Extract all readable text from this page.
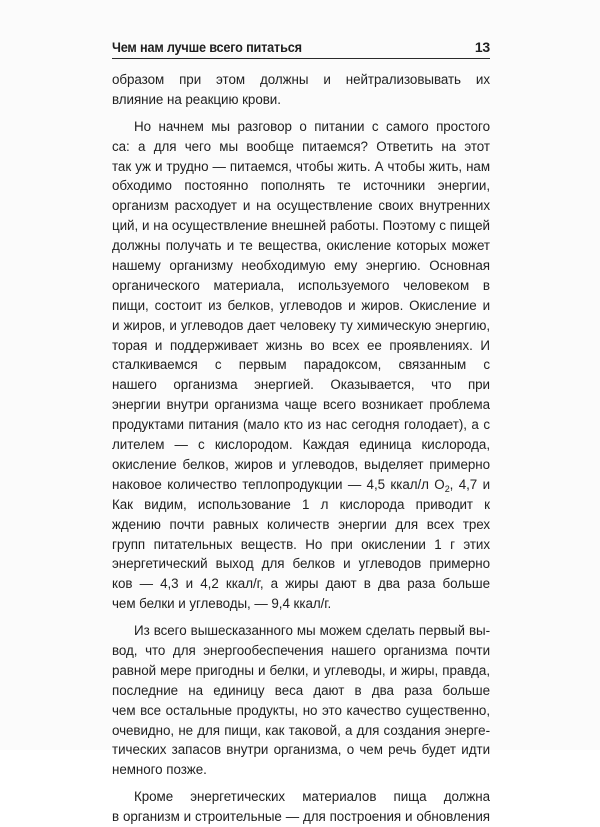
Чем нам лучше всего питаться	13

образом при этом должны и нейтрализовывать их
влияние на реакцию крови.

Но начнем мы разговор о питании с самого простого
са: а для чего мы вообще питаемся? Ответить на этот
так уж и трудно — питаемся, чтобы жить. А чтобы жить, нам
обходимо постоянно пополнять те источники энергии,
организм расходует и на осуществление своих внутренних
ций, и на осуществление внешней работы. Поэтому с пищей
должны получать и те вещества, окисление которых может
нашему организму необходимую ему энергию. Основная
органического материала, используемого человеком в
пищи, состоит из белков, углеводов и жиров. Окисление и
и жиров, и углеводов дает человеку ту химическую энергию,
торая и поддерживает жизнь во всех ее проявлениях. И
сталкиваемся с первым парадоксом, связанным с
нашего организма энергией. Оказывается, что при
энергии внутри организма чаще всего возникает проблема
продуктами питания (мало кто из нас сегодня голодает), а с
лителем — с кислородом. Каждая единица кислорода,
окисление белков, жиров и углеводов, выделяет примерно
наковое количество теплопродукции — 4,5 ккал/л $O_2$, 4,7 и
Как видим, использование 1 л кислорода приводит к
ждению почти равных количеств энергии для всех трех
групп питательных веществ. Но при окислении 1 г этих
энергетический выход для белков и углеводов примерно
ков — 4,3 и 4,2 ккал/г, а жиры дают в два раза больше
чем белки и углеводы, — 9,4 ккал/г.

Из всего вышесказанного мы можем сделать первый вы-
вод, что для энергообеспечения нашего организма почти
равной мере пригодны и белки, и углеводы, и жиры, правда,
последние на единицу веса дают в два раза больше
чем все остальные продукты, но это качество существенно,
очевидно, не для пищи, как таковой, а для создания энерге-
тических запасов внутри организма, о чем речь будет идти
немного позже.

Кроме энергетических материалов пища должна
в организм и строительные — для построения и обновления
